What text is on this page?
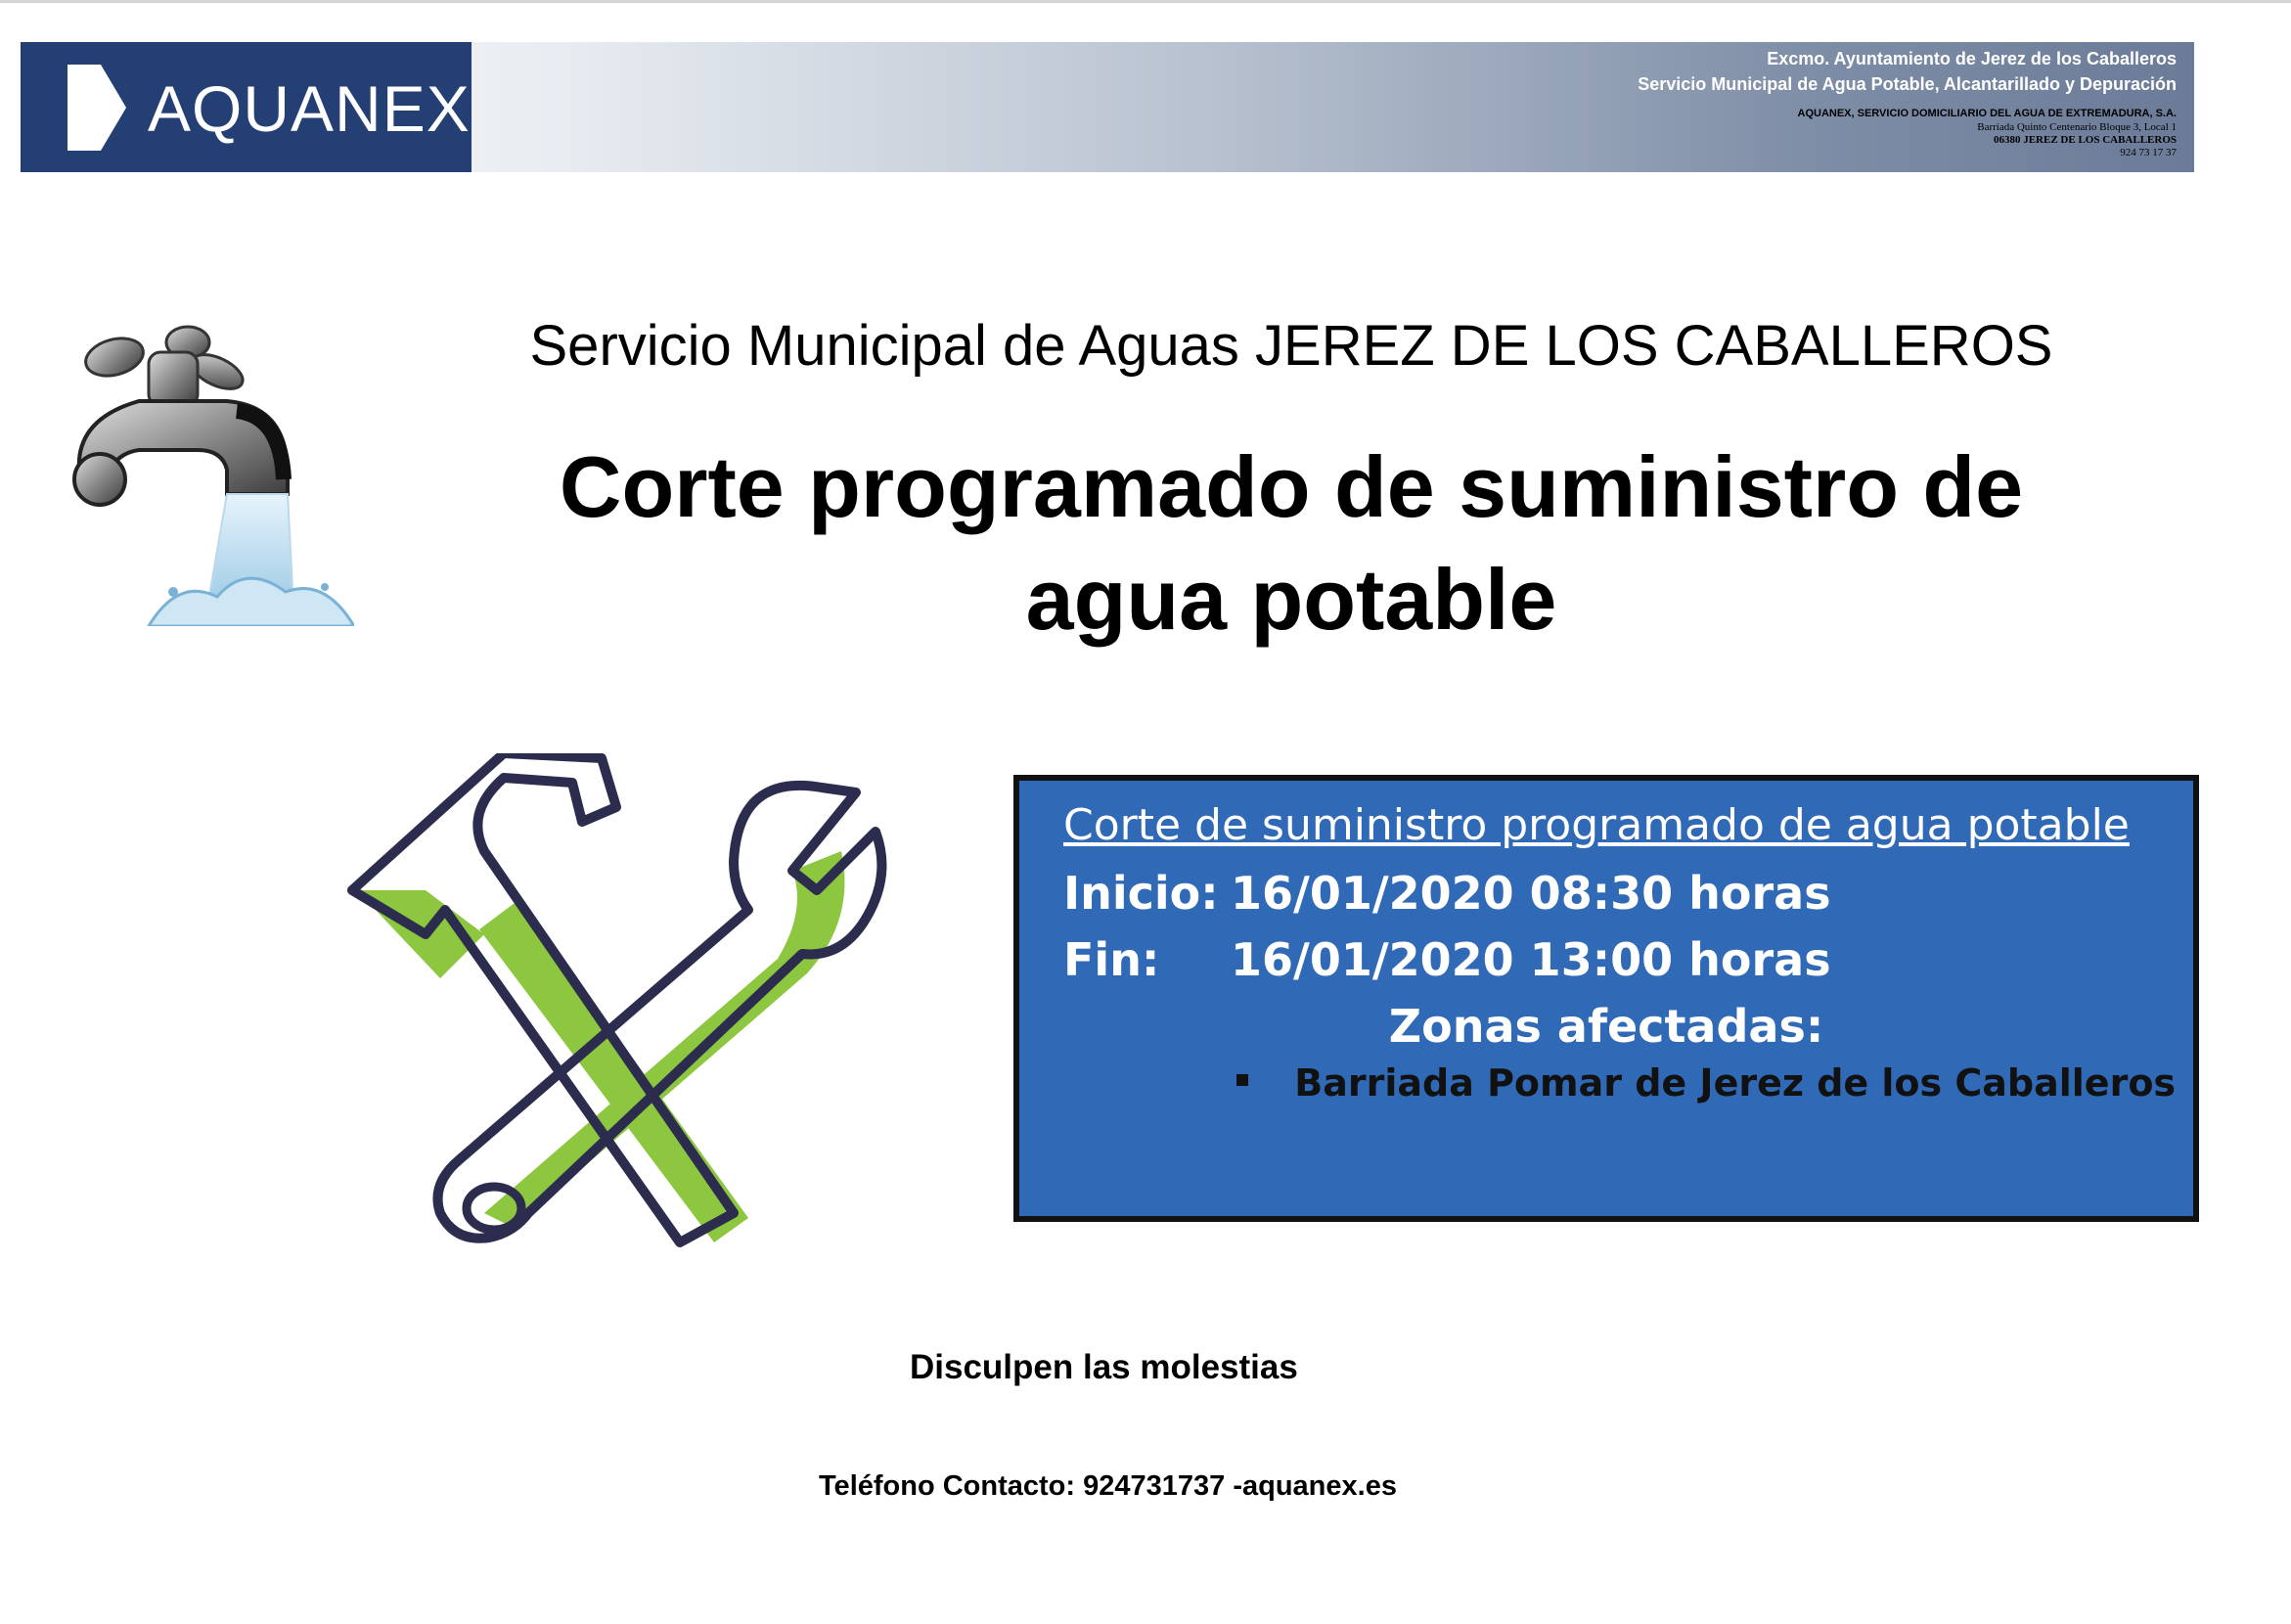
AQUANEX
Excmo. Ayuntamiento de Jerez de los Caballeros
Servicio Municipal de Agua Potable, Alcantarillado y Depuración
AQUANEX, SERVICIO DOMICILIARIO DEL AGUA DE EXTREMADURA, S.A.
Barriada Quinto Centenario Bloque 3, Local 1
06380 JEREZ DE LOS CABALLEROS
924 73 17 37
Servicio Municipal de Aguas JEREZ DE LOS CABALLEROS
Corte programado de suministro de
agua potable
Corte de suministro programado de agua potable
Inicio: 16/01/2020 08:30 horas
Fin: 16/01/2020 13:00 horas
Zonas afectadas:
Barriada Pomar de Jerez de los Caballeros
Disculpen las molestias
Teléfono Contacto: 924731737 -aquanex.es
